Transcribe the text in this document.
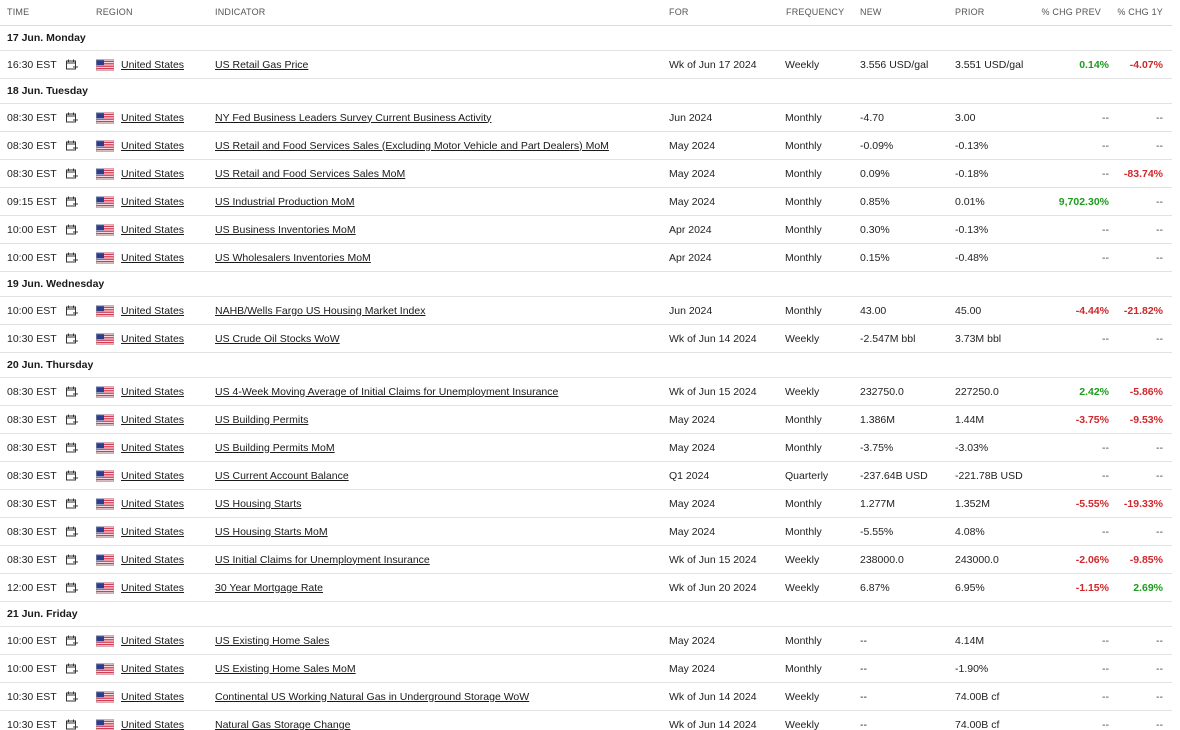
TIME	REGION	INDICATOR	FOR	FREQUENCY NEW	PRIOR	% CHG PREV % CHG 1Y
17 Jun. Monday
16:30 EST	United States	US Retail Gas Price	Wk of Jun 17 2024	Weekly	3.556 USD/gal	3.551 USD/gal	0.14% -4.07%
18 Jun. Tuesday
08:30 EST	United States	NY Fed Business Leaders Survey Current Business Activity	Jun 2024	Monthly	-4.70	3.00	--	--
08:30 EST	United States	US Retail and Food Services Sales (Excluding Motor Vehicle and Part Dealers) MoM	May 2024	Monthly	-0.09%	-0.13%	--	--
08:30 EST	United States	US Retail and Food Services Sales MoM	May 2024	Monthly	0.09%	-0.18%	-- -83.74%
09:15 EST	United States	US Industrial Production MoM	May 2024	Monthly	0.85%	0.01%	9,702.30%	--
10:00 EST	United States	US Business Inventories MoM	Apr 2024	Monthly	0.30%	-0.13%	--	--
10:00 EST	United States	US Wholesalers Inventories MoM	Apr 2024	Monthly	0.15%	-0.48%	--	--
19 Jun. Wednesday
10:00 EST	United States	NAHB/Wells Fargo US Housing Market Index	Jun 2024	Monthly	43.00	45.00	-4.44% -21.82%
10:30 EST	United States	US Crude Oil Stocks WoW	Wk of Jun 14 2024	Weekly	-2.547M bbl	3.73M bbl	--	--
20 Jun. Thursday
08:30 EST	United States	US 4-Week Moving Average of Initial Claims for Unemployment Insurance	Wk of Jun 15 2024	Weekly	232750.0	227250.0	2.42% -5.86%
08:30 EST	United States	US Building Permits	May 2024	Monthly	1.386M	1.44M	-3.75% -9.53%
08:30 EST	United States	US Building Permits MoM	May 2024	Monthly	-3.75%	-3.03%	--	--
08:30 EST	United States	US Current Account Balance	Q1 2024	Quarterly	-237.64B USD	-221.78B USD	--	--
08:30 EST	United States	US Housing Starts	May 2024	Monthly	1.277M	1.352M	-5.55% -19.33%
08:30 EST	United States	US Housing Starts MoM	May 2024	Monthly	-5.55%	4.08%	--	--
08:30 EST	United States	US Initial Claims for Unemployment Insurance	Wk of Jun 15 2024	Weekly	238000.0	243000.0	-2.06% -9.85%
12:00 EST	United States	30 Year Mortgage Rate	Wk of Jun 20 2024	Weekly	6.87%	6.95%	-1.15% 2.69%
21 Jun. Friday
10:00 EST	United States	US Existing Home Sales	May 2024	Monthly	--	4.14M	--	--
10:00 EST	United States	US Existing Home Sales MoM	May 2024	Monthly	--	-1.90%	--	--
10:30 EST	United States	Continental US Working Natural Gas in Underground Storage WoW	Wk of Jun 14 2024	Weekly	--	74.00B cf	--	--
10:30 EST	United States	Natural Gas Storage Change	Wk of Jun 14 2024	Weekly	--	74.00B cf	--	--
